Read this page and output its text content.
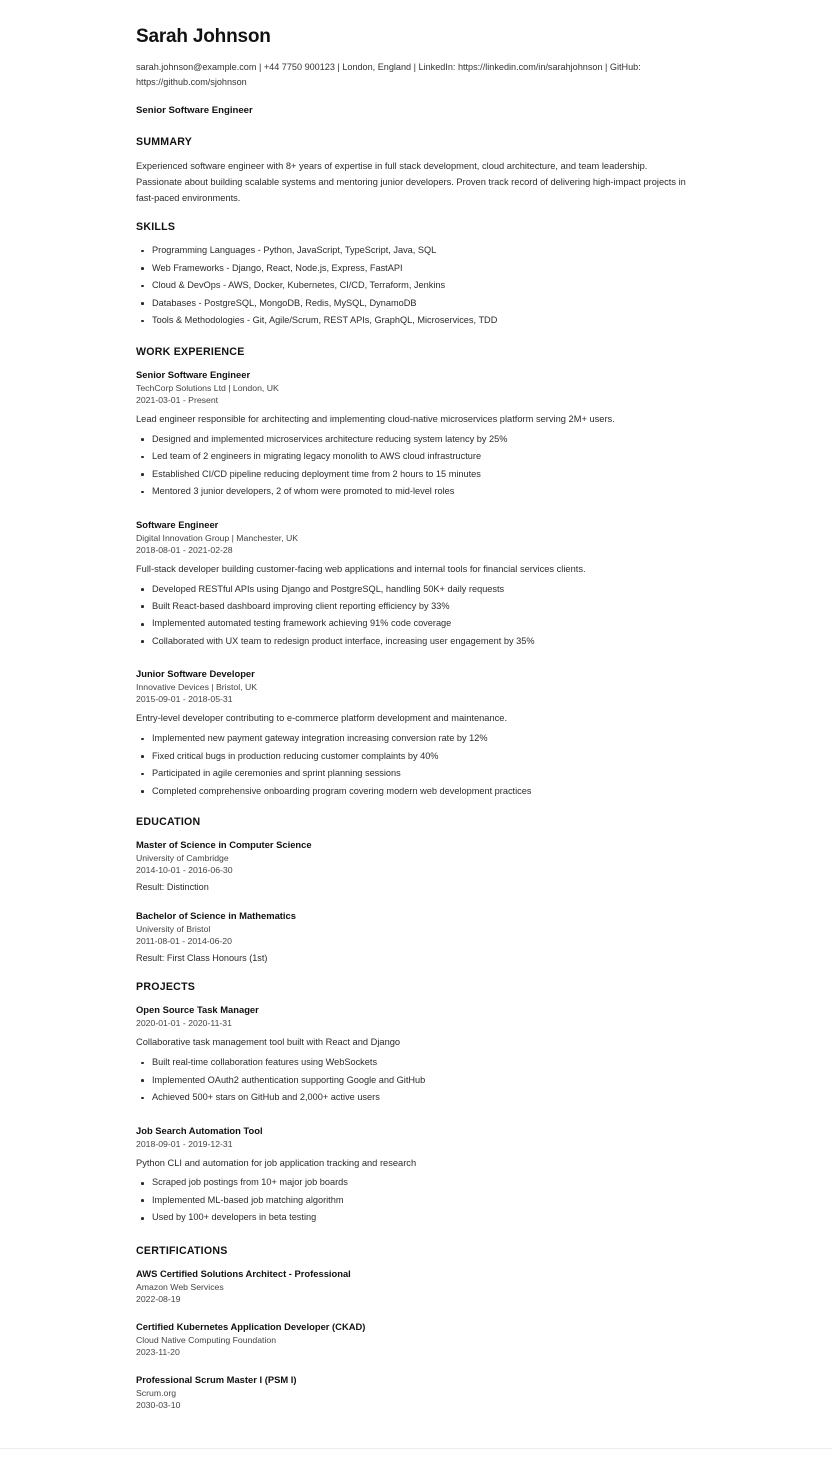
Sarah Johnson
sarah.johnson@example.com | +44 7750 900123 | London, England | LinkedIn: https://linkedin.com/in/sarahjohnson | GitHub: https://github.com/sjohnson
Senior Software Engineer
SUMMARY

Experienced software engineer with 8+ years of expertise in full stack development, cloud architecture, and team leadership. Passionate about building scalable systems and mentoring junior developers. Proven track record of delivering high-impact projects in fast-paced environments.

SKILLS
Programming Languages - Python, JavaScript, TypeScript, Java, SQL
Web Frameworks - Django, React, Node.js, Express, FastAPI
Cloud & DevOps - AWS, Docker, Kubernetes, CI/CD, Terraform, Jenkins
Databases - PostgreSQL, MongoDB, Redis, MySQL, DynamoDB
Tools & Methodologies - Git, Agile/Scrum, REST APIs, GraphQL, Microservices, TDD
WORK EXPERIENCE
Senior Software Engineer
TechCorp Solutions Ltd | London, UK
2021-03-01 - Present
Lead engineer responsible for architecting and implementing cloud-native microservices platform serving 2M+ users.
Designed and implemented microservices architecture reducing system latency by 25%
Led team of 2 engineers in migrating legacy monolith to AWS cloud infrastructure
Established CI/CD pipeline reducing deployment time from 2 hours to 15 minutes
Mentored 3 junior developers, 2 of whom were promoted to mid-level roles
Software Engineer
Digital Innovation Group | Manchester, UK
2018-08-01 - 2021-02-28
Full-stack developer building customer-facing web applications and internal tools for financial services clients.
Developed RESTful APIs using Django and PostgreSQL, handling 50K+ daily requests
Built React-based dashboard improving client reporting efficiency by 33%
Implemented automated testing framework achieving 91% code coverage
Collaborated with UX team to redesign product interface, increasing user engagement by 35%
Junior Software Developer
Innovative Devices | Bristol, UK
2015-09-01 - 2018-05-31
Entry-level developer contributing to e-commerce platform development and maintenance.
Implemented new payment gateway integration increasing conversion rate by 12%
Fixed critical bugs in production reducing customer complaints by 40%
Participated in agile ceremonies and sprint planning sessions
Completed comprehensive onboarding program covering modern web development practices
EDUCATION
Master of Science in Computer Science
University of Cambridge
2014-10-01 - 2016-06-30
Result: Distinction
Bachelor of Science in Mathematics
University of Bristol
2011-08-01 - 2014-06-20
Result: First Class Honours (1st)
PROJECTS
Open Source Task Manager
2020-01-01 - 2020-11-31
Collaborative task management tool built with React and Django
Built real-time collaboration features using WebSockets
Implemented OAuth2 authentication supporting Google and GitHub
Achieved 500+ stars on GitHub and 2,000+ active users
Job Search Automation Tool
2018-09-01 - 2019-12-31
Python CLI and automation for job application tracking and research
Scraped job postings from 10+ major job boards
Implemented ML-based job matching algorithm
Used by 100+ developers in beta testing
CERTIFICATIONS
AWS Certified Solutions Architect - Professional
Amazon Web Services
2022-08-19
Certified Kubernetes Application Developer (CKAD)
Cloud Native Computing Foundation
2023-11-20
Professional Scrum Master I (PSM I)
Scrum.org
2030-03-10
